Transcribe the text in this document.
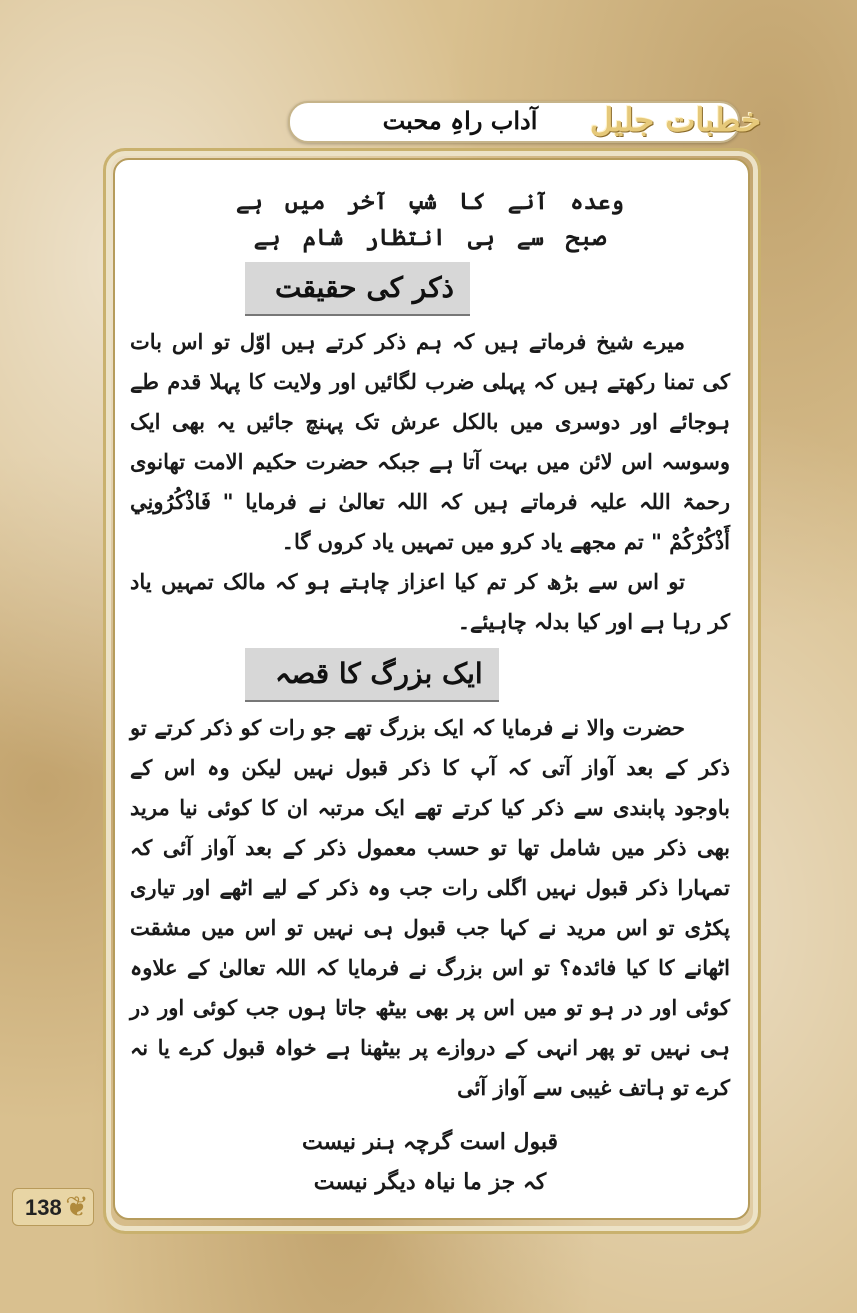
آداب راہِ محبت	خطبات جلیل
وعدہ آنے کا شبِ آخر میں ہے
صبح سے ہی انتظار شام ہے
ذکر کی حقیقت

میرے شیخ فرماتے ہیں کہ ہم ذکر کرتے ہیں اوّل تو اس بات کی تمنا رکھتے ہیں کہ پہلی ضرب لگائیں اور ولایت کا پہلا قدم طے ہوجائے اور دوسری میں بالکل عرش تک پہنچ جائیں یہ بھی ایک وسوسہ اس لائن میں بہت آتا ہے جبکہ حضرت حکیم الامت تھانوی رحمۃ اللہ علیہ فرماتے ہیں کہ اللہ تعالیٰ نے فرمایا " فَاذْكُرُونِي أَذْكُرْكُمْ " تم مجھے یاد کرو میں تمہیں یاد کروں گا۔

تو اس سے بڑھ کر تم کیا اعزاز چاہتے ہو کہ مالک تمہیں یاد کر رہا ہے اور کیا بدلہ چاہیئے۔

ایک بزرگ کا قصہ

حضرت والا نے فرمایا کہ ایک بزرگ تھے جو رات کو ذکر کرتے تو ذکر کے بعد آواز آتی کہ آپ کا ذکر قبول نہیں لیکن وہ اس کے باوجود پابندی سے ذکر کیا کرتے تھے ایک مرتبہ ان کا کوئی نیا مرید بھی ذکر میں شامل تھا تو حسب معمول ذکر کے بعد آواز آئی کہ تمہارا ذکر قبول نہیں اگلی رات جب وہ ذکر کے لیے اٹھے اور تیاری پکڑی تو اس مرید نے کہا جب قبول ہی نہیں تو اس میں مشقت اٹھانے کا کیا فائدہ؟ تو اس بزرگ نے فرمایا کہ اللہ تعالیٰ کے علاوہ کوئی اور در ہو تو میں اس پر بھی بیٹھ جاتا ہوں جب کوئی اور در ہی نہیں تو پھر انہی کے دروازے پر بیٹھنا ہے خواہ قبول کرے یا نہ کرے تو ہاتف غیبی سے آواز آئی

قبول است گرچہ ہنر نیست
کہ جز ما نیاہ دیگر نیست
138 ❦
